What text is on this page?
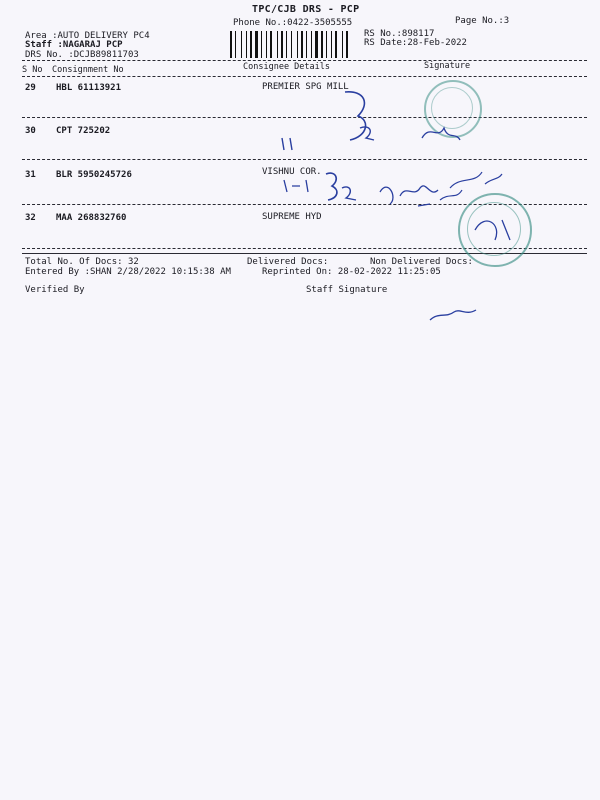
TPC/CJB DRS - PCP
Phone No.:0422-3505555	Page No.:3
Area :AUTO DELIVERY PC4
Staff :NAGARAJ PCP
DRS No. :DCJB89811703
RS No.:898117
RS Date:28-Feb-2022
S No Consignment No	Consignee Details	Signature
29 HBL 61113921	PREMIER SPG MILL
30 CPT 725202
31 BLR 5950245726	VISHNU COR.
32 MAA 268832760	SUPREME HYD
Total No. Of Docs: 32	Delivered Docs:	Non Delivered Docs:
Entered By :SHAN 2/28/2022 10:15:38 AM	Reprinted On: 28-02-2022 11:25:05
Verified By	Staff Signature
